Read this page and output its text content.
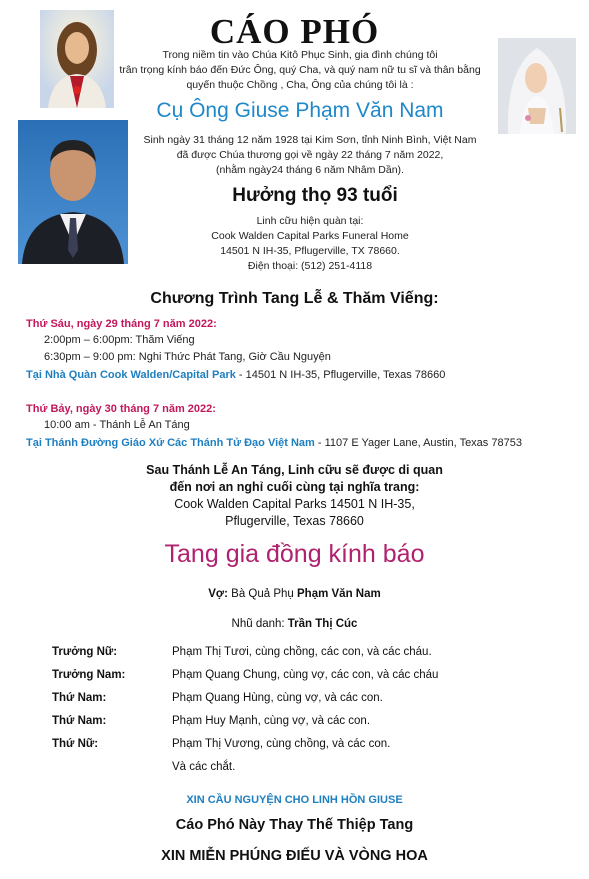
CÁO PHÓ
Trong niềm tin vào Chúa Kitô Phục Sinh, gia đình chúng tôi
trân trọng kính báo đến Đức Ông, quý Cha, và quý nam nữ tu sĩ và thân bằng
quyến thuộc Chồng , Cha, Ông của chúng tôi là :
Cụ Ông Giuse Phạm Văn Nam
Sinh ngày 31 tháng 12 năm 1928 tại Kim Sơn, tỉnh Ninh Bình, Việt Nam
đã được Chúa thương gọi về ngày 22 tháng 7 năm 2022,
(nhằm ngày24 tháng 6 năm Nhâm Dần).
Hưởng thọ 93 tuổi
Linh cữu hiện quàn tại:
Cook Walden Capital Parks Funeral Home
14501 N IH-35, Pflugerville, TX 78660.
Điện thoại: (512) 251-4118
Chương Trình Tang Lễ & Thăm Viếng:
Thứ Sáu, ngày 29 tháng 7 năm 2022:
2:00pm – 6:00pm: Thăm Viếng
6:30pm – 9:00 pm: Nghi Thức Phát Tang, Giờ Cầu Nguyện
Tại Nhà Quàn Cook Walden/Capital Park - 14501 N IH-35, Pflugerville, Texas 78660
Thứ Bảy, ngày 30 tháng 7 năm 2022:
10:00 am - Thánh Lễ An Táng
Tại Thánh Đường Giáo Xứ Các Thánh Tử Đạo Việt Nam - 1107 E Yager Lane, Austin, Texas 78753
Sau Thánh Lễ An Táng, Linh cữu sẽ được di quan
đến nơi an nghỉ cuối cùng tại nghĩa trang:
Cook Walden Capital Parks 14501 N IH-35,
Pflugerville, Texas 78660
Tang gia đồng kính báo
Vợ: Bà Quả Phụ Phạm Văn Nam
Nhũ danh: Trần Thị Cúc
Trưởng Nữ:	Phạm Thị Tươi, cùng chồng, các con, và các cháu.
Trưởng Nam:	Phạm Quang Chung, cùng vợ, các con, và các cháu
Thứ Nam:	Phạm Quang Hùng, cùng vợ, và các con.
Thứ Nam:	Phạm Huy Mạnh, cùng vợ, và các con.
Thứ Nữ:	Phạm Thị Vương, cùng chồng, và các con.
Và các chắt.
XIN CẦU NGUYỆN CHO LINH HỒN GIUSE
Cáo Phó Này Thay Thế Thiệp Tang
XIN MIỄN PHÚNG ĐIẾU VÀ VÒNG HOA
